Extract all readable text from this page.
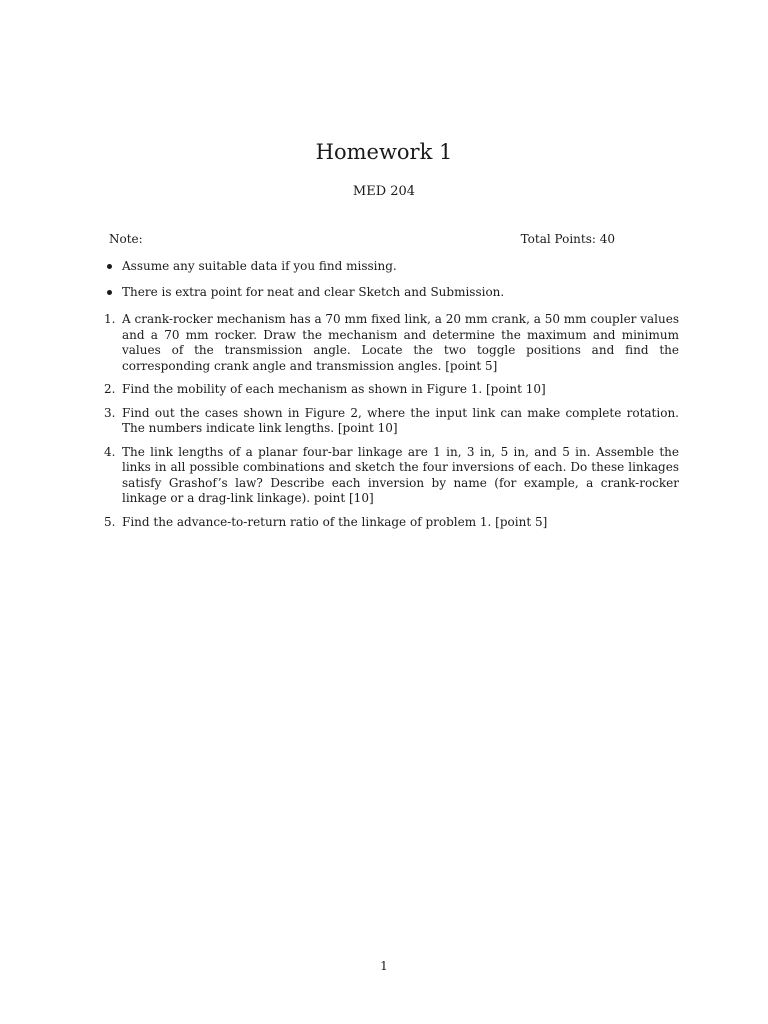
Homework 1
MED 204
Note:	Total Points: 40
Assume any suitable data if you find missing.
There is extra point for neat and clear Sketch and Submission.
1. A crank-rocker mechanism has a 70 mm fixed link, a 20 mm crank, a 50 mm coupler values and a 70 mm rocker. Draw the mechanism and determine the maximum and minimum values of the transmission angle. Locate the two toggle positions and find the corresponding crank angle and transmission angles. [point 5]
2. Find the mobility of each mechanism as shown in Figure 1. [point 10]
3. Find out the cases shown in Figure 2, where the input link can make complete rotation. The numbers indicate link lengths. [point 10]
4. The link lengths of a planar four-bar linkage are 1 in, 3 in, 5 in, and 5 in. Assemble the links in all possible combinations and sketch the four inversions of each. Do these linkages satisfy Grashof’s law? Describe each inversion by name (for example, a crank-rocker linkage or a drag-link linkage). point [10]
5. Find the advance-to-return ratio of the linkage of problem 1. [point 5]
1
